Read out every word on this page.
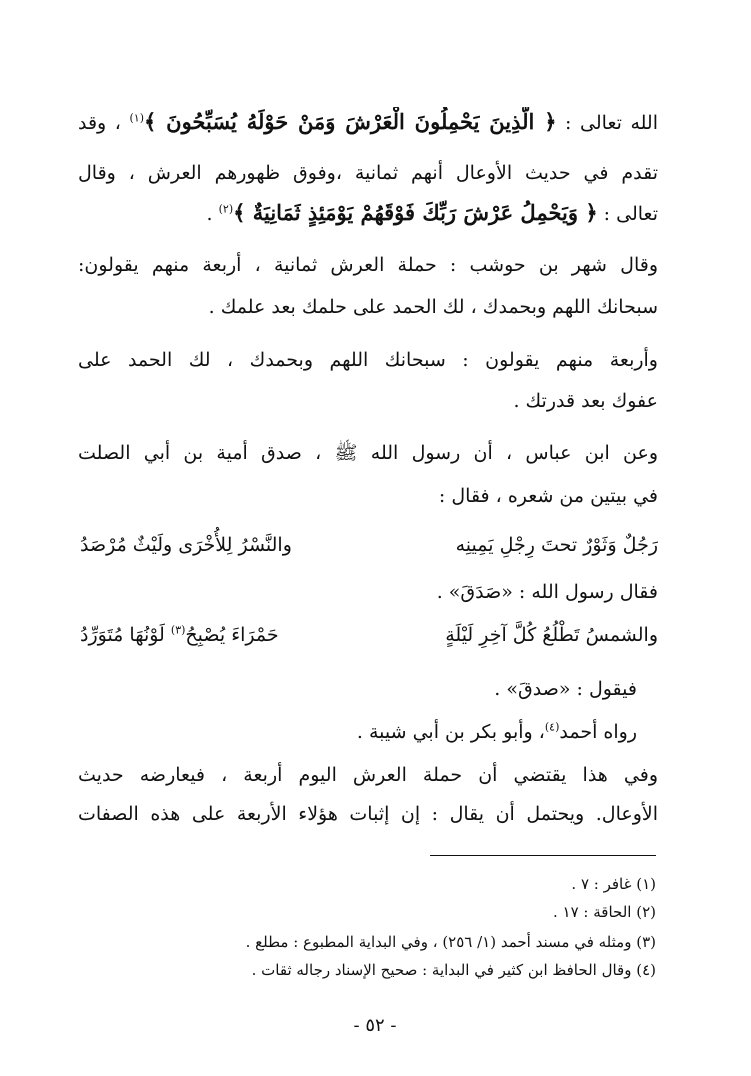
الله تعالى : ﴿ الَّذِينَ يَحْمِلُونَ الْعَرْشَ وَمَنْ حَوْلَهُ يُسَبِّحُونَ ﴾$^{(١)}$ ، وقد
تقدم في حديث الأوعال أنهم ثمانية ،وفوق ظهورهم العرش ، وقال
تعالى : ﴿ وَيَحْمِلُ عَرْشَ رَبِّكَ فَوْقَهُمْ يَوْمَئِذٍ ثَمَانِيَةٌ ﴾$^{(٢)}$ .
وقال شهر بن حوشب : حملة العرش ثمانية ، أربعة منهم يقولون:
سبحانك اللهم وبحمدك ، لك الحمد على حلمك بعد علمك .
وأربعة منهم يقولون : سبحانك اللهم وبحمدك ، لك الحمد على
عفوك بعد قدرتك .
وعن ابن عباس ، أن رسول الله ﷺ ، صدق أمية بن أبي الصلت
في بيتين من شعره ، فقال :
رَجُلٌ وَثَوْرٌ تحتَ رِجْلِ يَمِينِه
والنَّسْرُ لِلأُخْرَى ولَيْثٌ مُرْصَدُ
فقال رسول الله : «صَدَقَ» .
والشمسُ تَطْلُعُ كُلَّ آخِرِ لَيْلَةٍ
حَمْرَاءَ يُصْبِحُ$^{(٣)}$ لَوْنُهَا مُتَوَرِّدُ
فيقول : «صدقَ» .
رواه أحمد$^{(٤)}$، وأبو بكر بن أبي شيبة .
وفي هذا يقتضي أن حملة العرش اليوم أربعة ، فيعارضه حديث
الأوعال. ويحتمل أن يقال : إن إثبات هؤلاء الأربعة على هذه الصفات
(١) غافر : ٧ .
(٢) الحاقة : ١٧ .
(٣) ومثله في مسند أحمد (١/ ٢٥٦) ، وفي البداية المطبوع : مطلع .
(٤) وقال الحافظ ابن كثير في البداية : صحيح الإسناد رجاله ثقات .
- ٥٢ -
